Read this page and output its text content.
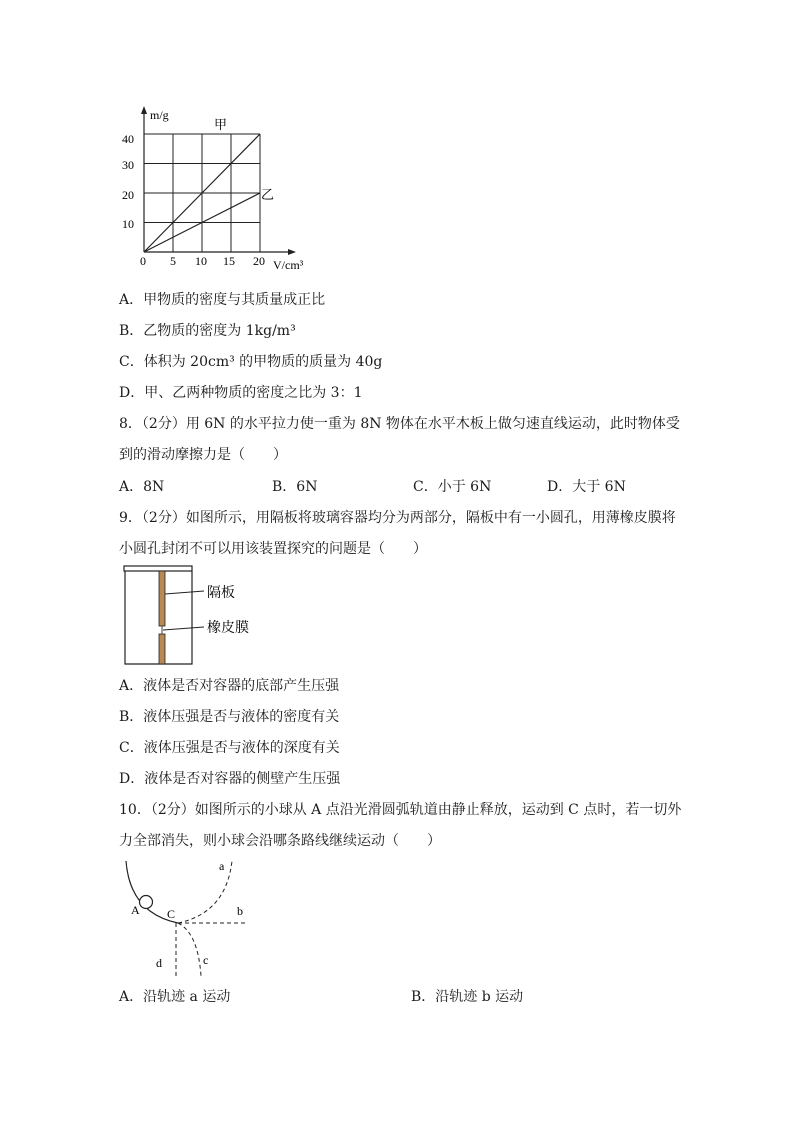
m/g
V/cm³
40
30
20
10
0 5 10 15 20
甲
乙
A．甲物质的密度与其质量成正比
B．乙物质的密度为 1kg/m³
C．体积为 20cm³ 的甲物质的质量为 40g
D．甲、乙两种物质的密度之比为 3：1
8．（2分）用 6N 的水平拉力使一重为 8N 物体在水平木板上做匀速直线运动，此时物体受
到的滑动摩擦力是（　　）
A．8N	B．6N	C．小于 6N	D．大于 6N
9．（2分）如图所示，用隔板将玻璃容器均分为两部分，隔板中有一小圆孔，用薄橡皮膜将
小圆孔封闭不可以用该装置探究的问题是（　　）
隔板
橡皮膜
A．液体是否对容器的底部产生压强
B．液体压强是否与液体的密度有关
C．液体压强是否与液体的深度有关
D．液体是否对容器的侧壁产生压强
10．（2分）如图所示的小球从 A 点沿光滑圆弧轨道由静止释放，运动到 C 点时，若一切外
力全部消失，则小球会沿哪条路线继续运动（　　）
a
b
c
d
A C
A．沿轨迹 a 运动	B．沿轨迹 b 运动
